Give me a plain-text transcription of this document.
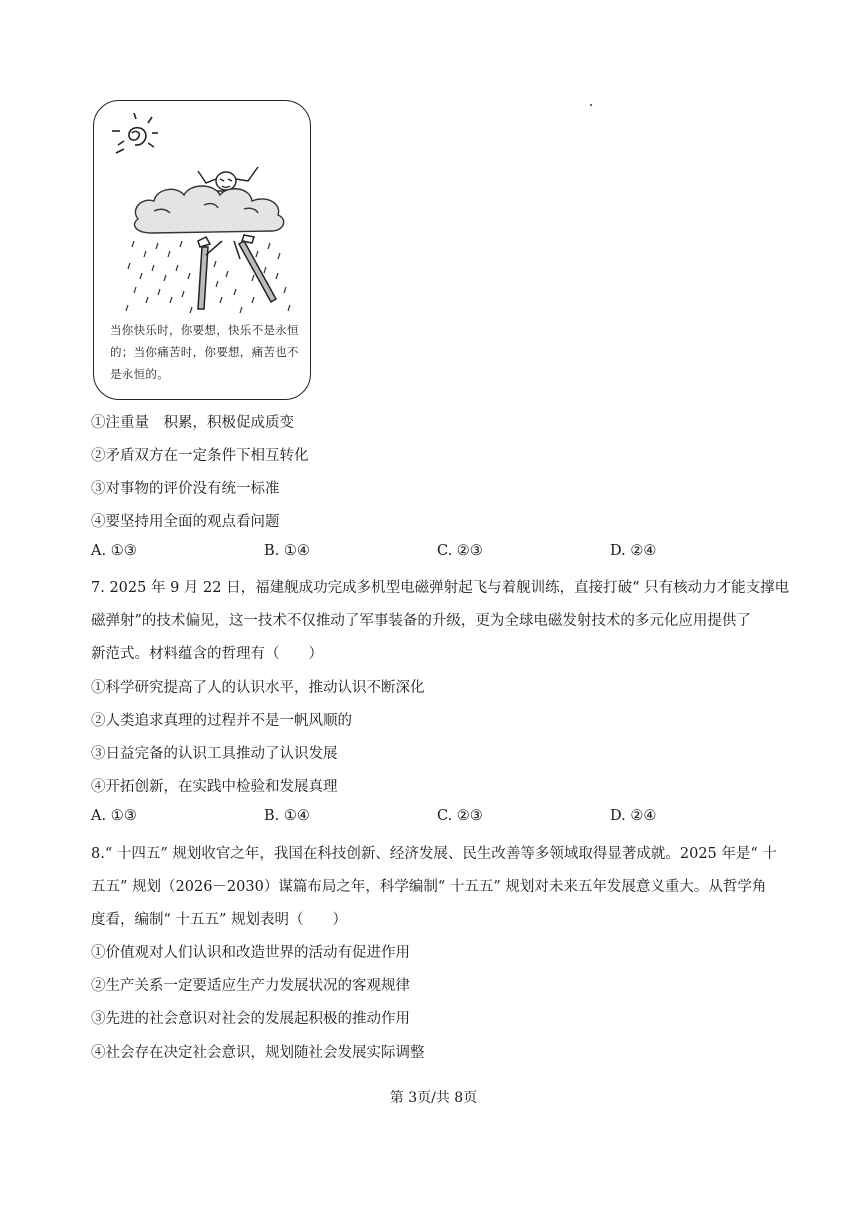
当你快乐时，你要想，快乐不是永恒的；当你痛苦时，你要想，痛苦也不是永恒的。
①注重量　积累，积极促成质变
②矛盾双方在一定条件下相互转化
③对事物的评价没有统一标准
④要坚持用全面的观点看问题
A. ①③	B. ①④	C. ②③	D. ②④
7. 2025 年 9 月 22 日，福建舰成功完成多机型电磁弹射起飞与着舰训练，直接打破“ 只有核动力才能支撑电
磁弹射”的技术偏见，这一技术不仅推动了军事装备的升级，更为全球电磁发射技术的多元化应用提供了
新范式。材料蕴含的哲理有（　　）
①科学研究提高了人的认识水平，推动认识不断深化
②人类追求真理的过程并不是一帆风顺的
③日益完备的认识工具推动了认识发展
④开拓创新，在实践中检验和发展真理
A. ①③	B. ①④	C. ②③	D. ②④
8.“ 十四五” 规划收官之年，我国在科技创新、经济发展、民生改善等多领域取得显著成就。2025 年是“ 十
五五” 规划（2026－2030）谋篇布局之年，科学编制“ 十五五” 规划对未来五年发展意义重大。从哲学角
度看，编制“ 十五五” 规划表明（　　）
①价值观对人们认识和改造世界的活动有促进作用
②生产关系一定要适应生产力发展状况的客观规律
③先进的社会意识对社会的发展起积极的推动作用
④社会存在决定社会意识，规划随社会发展实际调整
第 3页/共 8页
